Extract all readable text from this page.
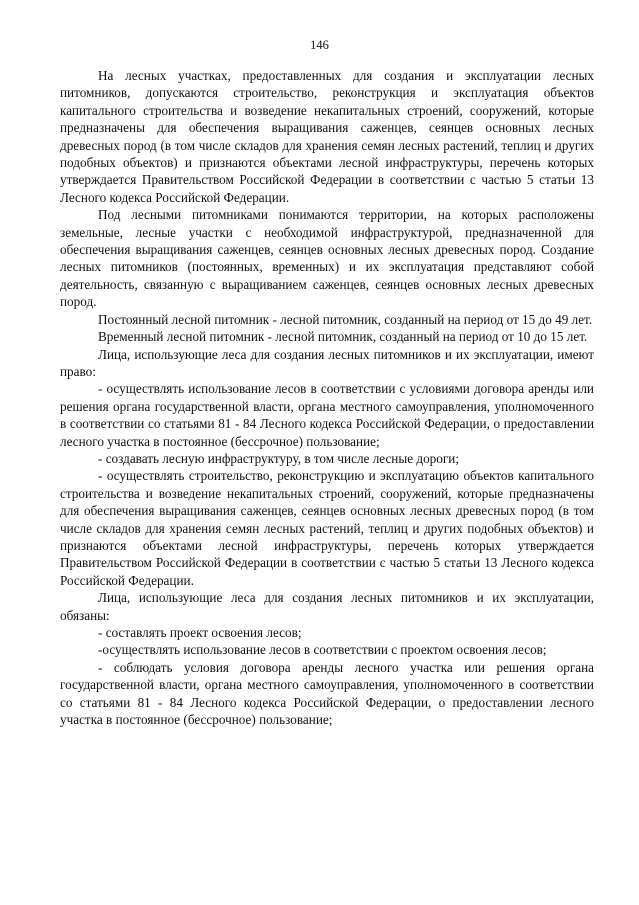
146

На лесных участках, предоставленных для создания и эксплуатации лесных питомников, допускаются строительство, реконструкция и эксплуатация объектов капитального строительства и возведение некапитальных строений, сооружений, которые предназначены для обеспечения выращивания саженцев, сеянцев основных лесных древесных пород (в том числе складов для хранения семян лесных растений, теплиц и других подобных объектов) и признаются объектами лесной инфраструктуры, перечень которых утверждается Правительством Российской Федерации в соответствии с частью 5 статьи 13 Лесного кодекса Российской Федерации.

Под лесными питомниками понимаются территории, на которых расположены земельные, лесные участки с необходимой инфраструктурой, предназначенной для обеспечения выращивания саженцев, сеянцев основных лесных древесных пород. Создание лесных питомников (постоянных, временных) и их эксплуатация представляют собой деятельность, связанную с выращиванием саженцев, сеянцев основных лесных древесных пород.

Постоянный лесной питомник - лесной питомник, созданный на период от 15 до 49 лет.

Временный лесной питомник - лесной питомник, созданный на период от 10 до 15 лет.

Лица, использующие леса для создания лесных питомников и их эксплуатации, имеют право:

- осуществлять использование лесов в соответствии с условиями договора аренды или решения органа государственной власти, органа местного самоуправления, уполномоченного в соответствии со статьями 81 - 84 Лесного кодекса Российской Федерации, о предоставлении лесного участка в постоянное (бессрочное) пользование;

- создавать лесную инфраструктуру, в том числе лесные дороги;

- осуществлять строительство, реконструкцию и эксплуатацию объектов капитального строительства и возведение некапитальных строений, сооружений, которые предназначены для обеспечения выращивания саженцев, сеянцев основных лесных древесных пород (в том числе складов для хранения семян лесных растений, теплиц и других подобных объектов) и признаются объектами лесной инфраструктуры, перечень которых утверждается Правительством Российской Федерации в соответствии с частью 5 статьи 13 Лесного кодекса Российской Федерации.

Лица, использующие леса для создания лесных питомников и их эксплуатации, обязаны:

- составлять проект освоения лесов;

-осуществлять использование лесов в соответствии с проектом освоения лесов;

- соблюдать условия договора аренды лесного участка или решения органа государственной власти, органа местного самоуправления, уполномоченного в соответствии со статьями 81 - 84 Лесного кодекса Российской Федерации, о предоставлении лесного участка в постоянное (бессрочное) пользование;
